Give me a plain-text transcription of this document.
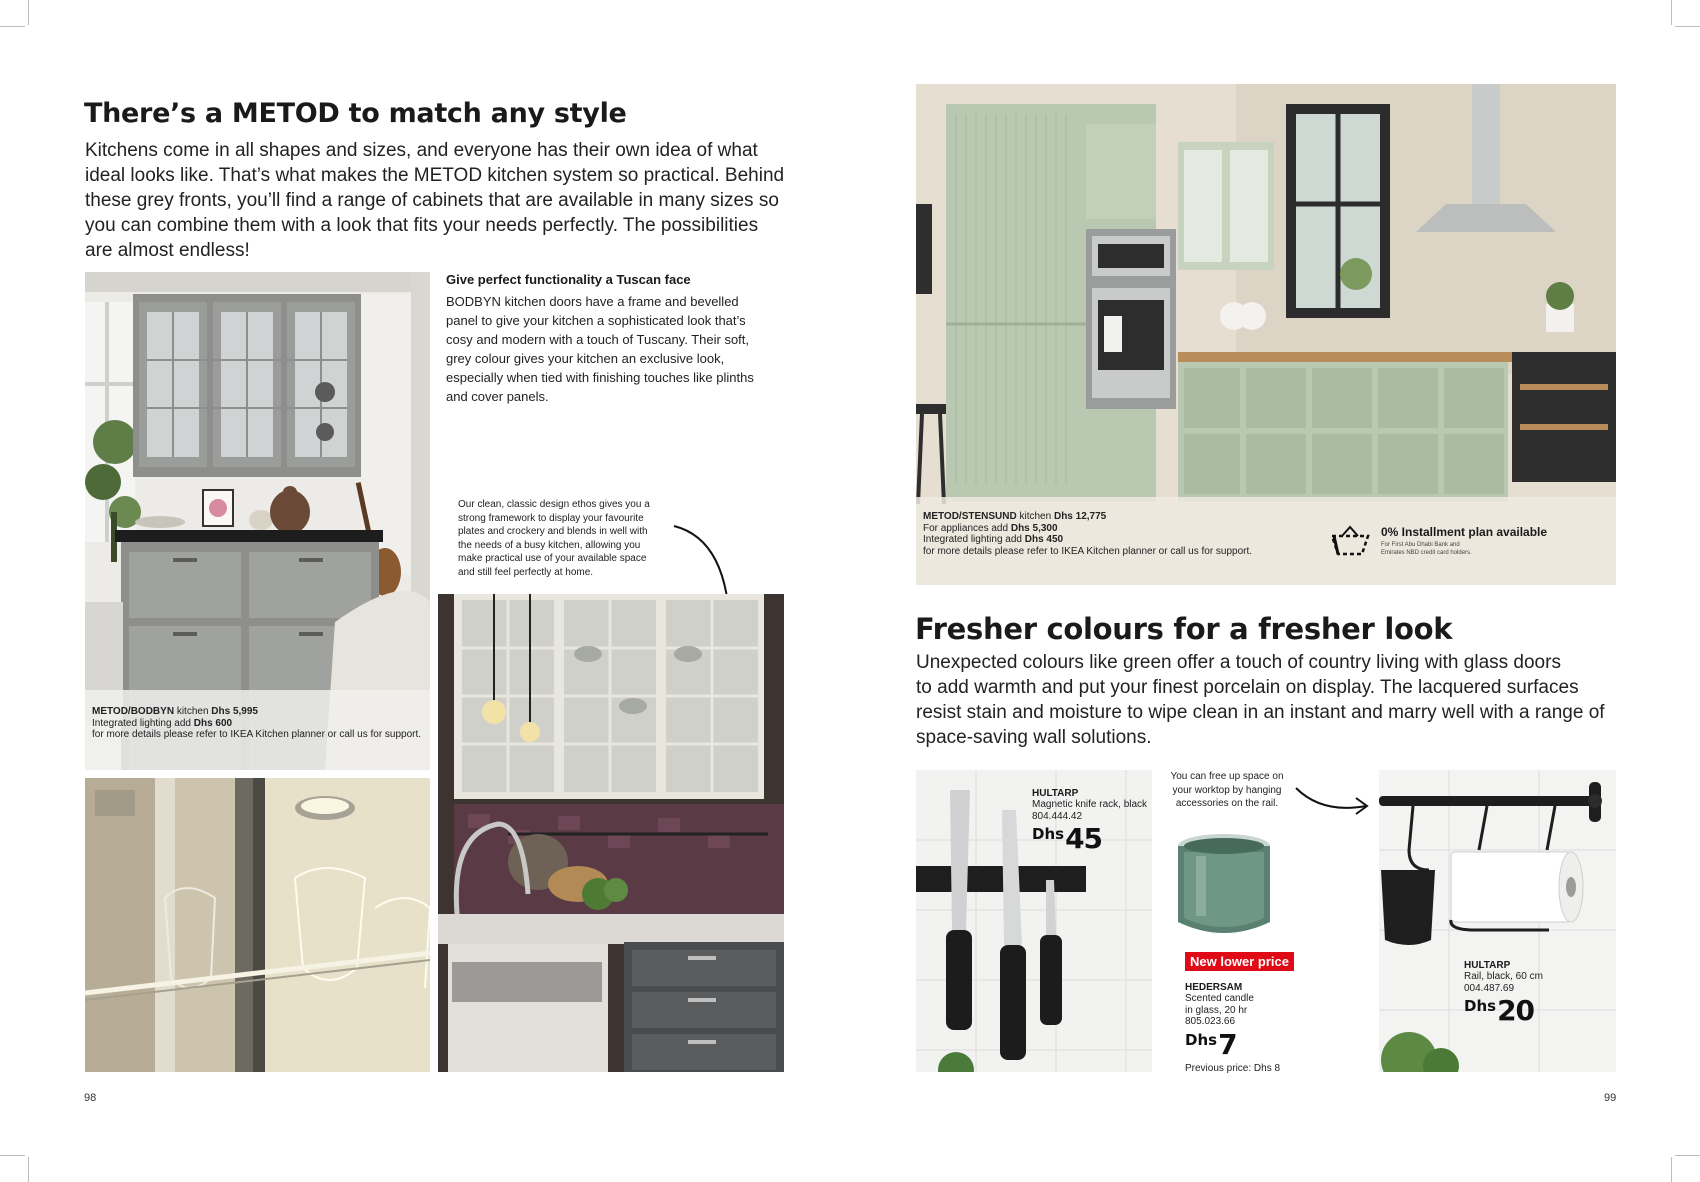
There’s a METOD to match any style

Kitchens come in all shapes and sizes, and everyone has their own idea of what

ideal looks like. That’s what makes the METOD kitchen system so practical. Behind

these grey fronts, you’ll find a range of cabinets that are available in many sizes so

you can combine them with a look that fits your needs perfectly. The possibilities

are almost endless!

METOD/BODBYN kitchen Dhs 5,995
Integrated lighting add Dhs 600
for more details please refer to IKEA Kitchen planner or call us for support.
Give perfect functionality a Tuscan face
BODBYN kitchen doors have a frame and bevelled
panel to give your kitchen a sophisticated look that’s
cosy and modern with a touch of Tuscany. Their soft,
grey colour gives your kitchen an exclusive look,
especially when tied with finishing touches like plinths
and cover panels.
Our clean, classic design ethos gives you a
strong framework to display your favourite
plates and crockery and blends in well with
the needs of a busy kitchen, allowing you
make practical use of your available space
and still feel perfectly at home.
98
METOD/STENSUND kitchen Dhs 12,775
For appliances add Dhs 5,300
Integrated lighting add Dhs 450
for more details please refer to IKEA Kitchen planner or call us for support.
0% Installment plan available
For First Abu Dhabi Bank and
Emirates NBD credit card holders.
Fresher colours for a fresher look

Unexpected colours like green offer a touch of country living with glass doors

to add warmth and put your finest porcelain on display. The lacquered surfaces

resist stain and moisture to wipe clean in an instant and marry well with a range of

space-saving wall solutions.

HULTARP
Magnetic knife rack, black
804.444.42
Dhs45
You can free up space on
your worktop by hanging
accessories on the rail.
New lower price
HEDERSAM
Scented candle
in glass, 20 hr
805.023.66
Dhs7
Previous price: Dhs 8
HULTARP
Rail, black, 60 cm
004.487.69
Dhs20
99
